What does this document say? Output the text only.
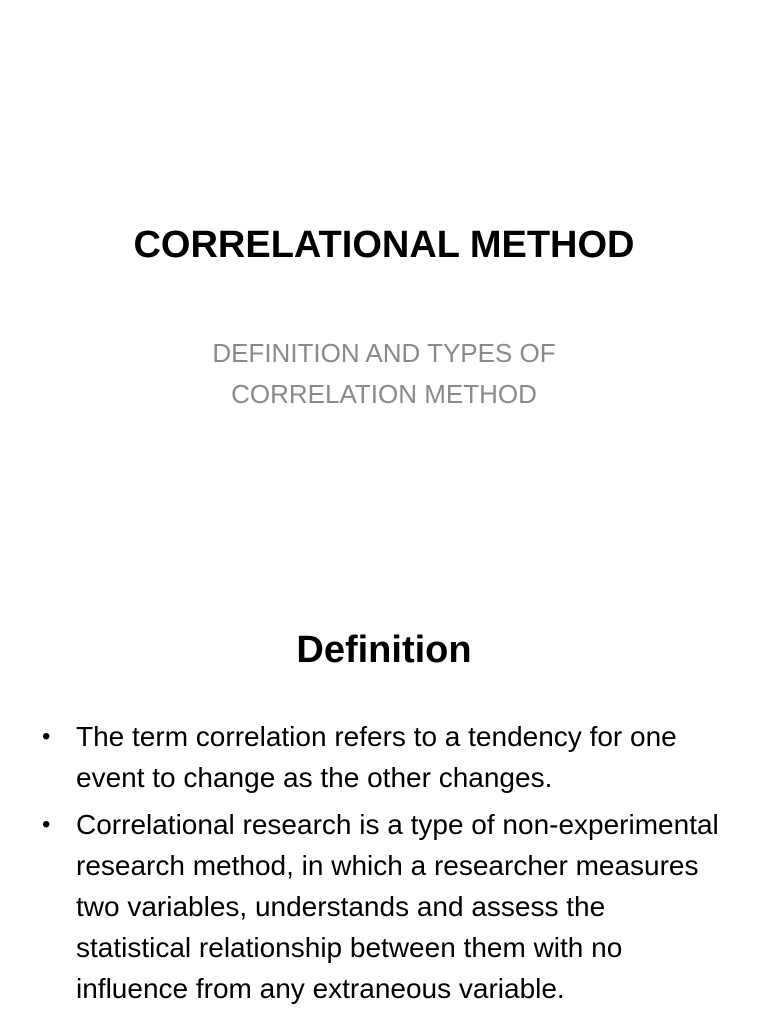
CORRELATIONAL METHOD

DEFINITION AND TYPES OF
CORRELATION METHOD

Definition
• The term correlation refers to a tendency for one event to change as the other changes.
• Correlational research is a type of non-experimental research method, in which a researcher measures two variables, understands and assess the statistical relationship between them with no influence from any extraneous variable.
